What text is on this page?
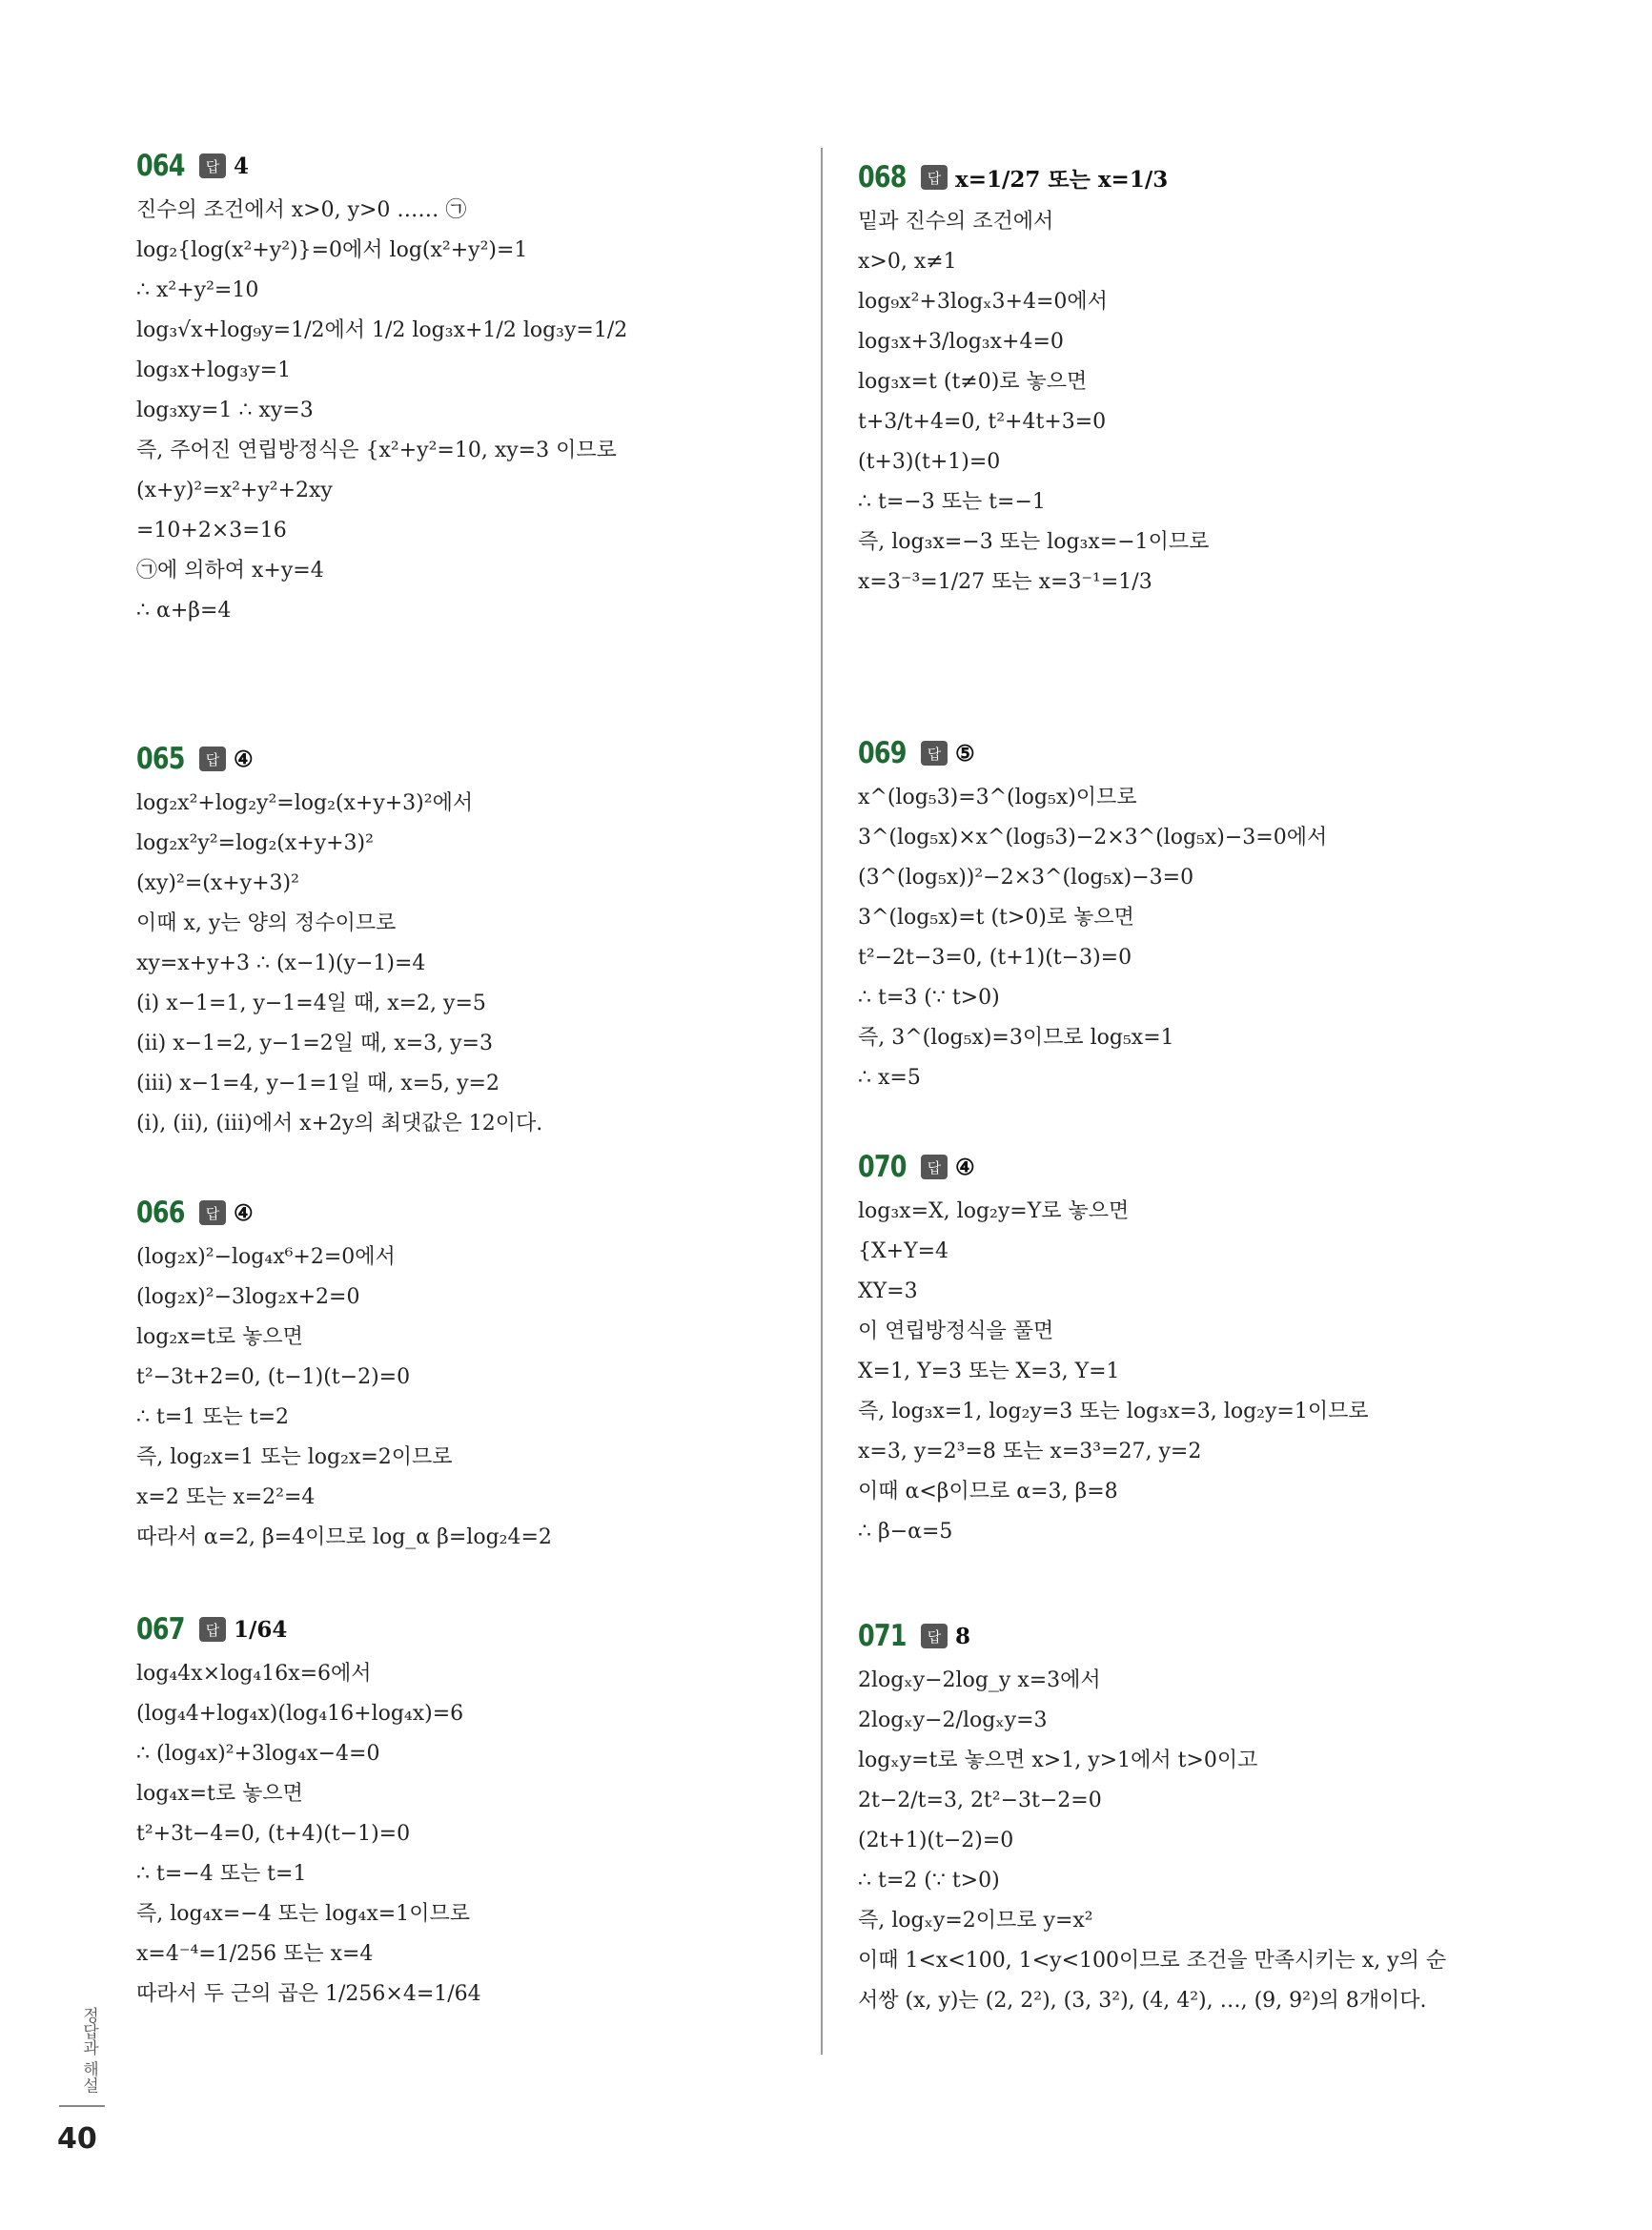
064	답 4
진수의 조건에서 x>0, y>0 …… ㉠
log₂{log(x²+y²)}=0에서 log(x²+y²)=1
∴ x²+y²=10
log₃√x+log₉y=1/2에서 1/2 log₃x+1/2 log₃y=1/2
log₃x+log₃y=1
log₃xy=1 ∴ xy=3
즉, 주어진 연립방정식은 {x²+y²=10, xy=3 이므로
(x+y)²=x²+y²+2xy
=10+2×3=16
㉠에 의하여 x+y=4
∴ α+β=4
065	답 ④
log₂x²+log₂y²=log₂(x+y+3)²에서
log₂x²y²=log₂(x+y+3)²
(xy)²=(x+y+3)²
이때 x, y는 양의 정수이므로
xy=x+y+3 ∴ (x−1)(y−1)=4
(ⅰ) x−1=1, y−1=4일 때, x=2, y=5
(ⅱ) x−1=2, y−1=2일 때, x=3, y=3
(ⅲ) x−1=4, y−1=1일 때, x=5, y=2
(ⅰ), (ⅱ), (ⅲ)에서 x+2y의 최댓값은 12이다.
066	답 ④
(log₂x)²−log₄x⁶+2=0에서
(log₂x)²−3log₂x+2=0
log₂x=t로 놓으면
t²−3t+2=0, (t−1)(t−2)=0
∴ t=1 또는 t=2
즉, log₂x=1 또는 log₂x=2이므로
x=2 또는 x=2²=4
따라서 α=2, β=4이므로 log_α β=log₂4=2
067	답 1/64
log₄4x×log₄16x=6에서
(log₄4+log₄x)(log₄16+log₄x)=6
∴ (log₄x)²+3log₄x−4=0
log₄x=t로 놓으면
t²+3t−4=0, (t+4)(t−1)=0
∴ t=−4 또는 t=1
즉, log₄x=−4 또는 log₄x=1이므로
x=4⁻⁴=1/256 또는 x=4
따라서 두 근의 곱은 1/256×4=1/64
068	답 x=1/27 또는 x=1/3
밑과 진수의 조건에서
x>0, x≠1
log₉x²+3logₓ3+4=0에서
log₃x+3/log₃x+4=0
log₃x=t (t≠0)로 놓으면
t+3/t+4=0, t²+4t+3=0
(t+3)(t+1)=0
∴ t=−3 또는 t=−1
즉, log₃x=−3 또는 log₃x=−1이므로
x=3⁻³=1/27 또는 x=3⁻¹=1/3
069	답 ⑤
x^(log₅3)=3^(log₅x)이므로
3^(log₅x)×x^(log₅3)−2×3^(log₅x)−3=0에서
(3^(log₅x))²−2×3^(log₅x)−3=0
3^(log₅x)=t (t>0)로 놓으면
t²−2t−3=0, (t+1)(t−3)=0
∴ t=3 (∵ t>0)
즉, 3^(log₅x)=3이므로 log₅x=1
∴ x=5
070	답 ④
log₃x=X, log₂y=Y로 놓으면
{X+Y=4
XY=3
이 연립방정식을 풀면
X=1, Y=3 또는 X=3, Y=1
즉, log₃x=1, log₂y=3 또는 log₃x=3, log₂y=1이므로
x=3, y=2³=8 또는 x=3³=27, y=2
이때 α<β이므로 α=3, β=8
∴ β−α=5
071	답 8
2logₓy−2log_y x=3에서
2logₓy−2/logₓy=3
logₓy=t로 놓으면 x>1, y>1에서 t>0이고
2t−2/t=3, 2t²−3t−2=0
(2t+1)(t−2)=0
∴ t=2 (∵ t>0)
즉, logₓy=2이므로 y=x²
이때 1<x<100, 1<y<100이므로 조건을 만족시키는 x, y의 순
서쌍 (x, y)는 (2, 2²), (3, 3²), (4, 4²), …, (9, 9²)의 8개이다.
정답과 해설
40
